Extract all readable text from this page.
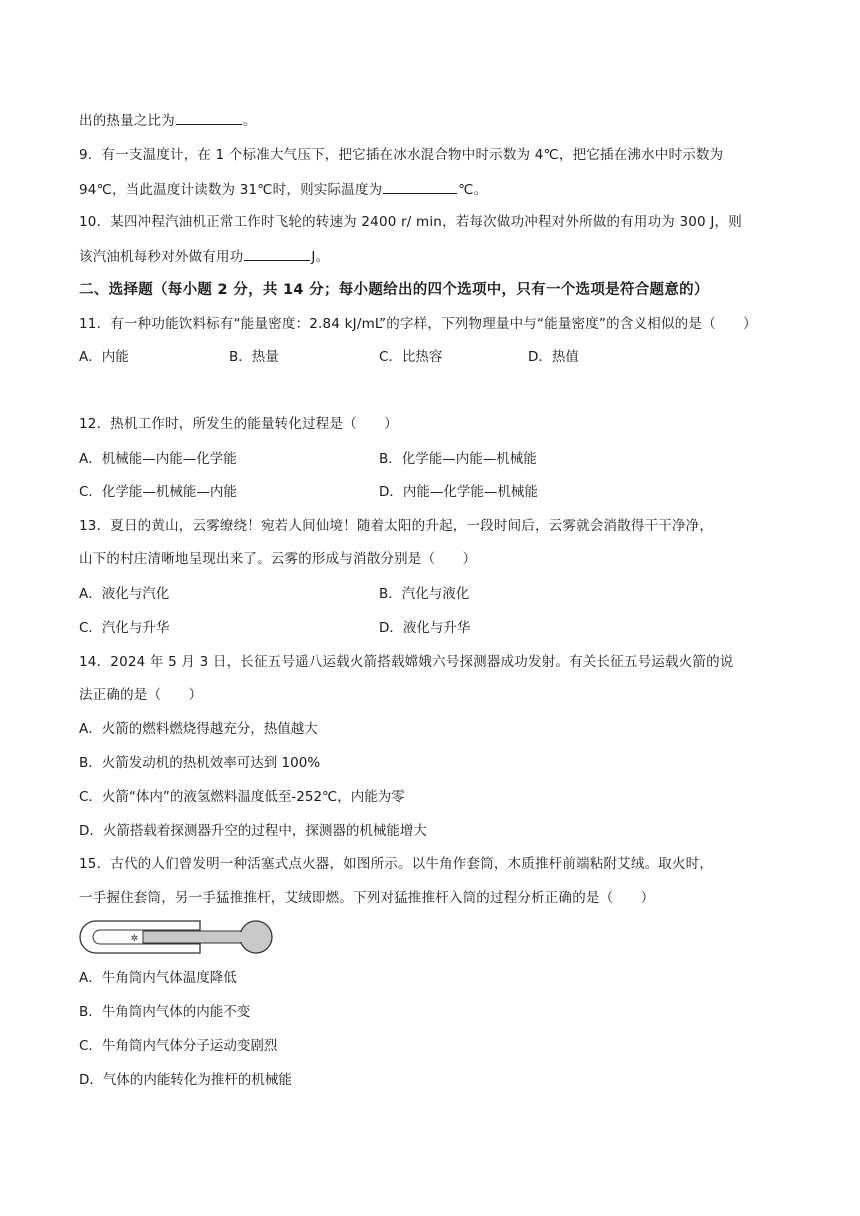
出的热量之比为	。
9．有一支温度计，在 1 个标准大气压下，把它插在冰水混合物中时示数为 4℃，把它插在沸水中时示数为
94℃，当此温度计读数为 31℃时，则实际温度为	℃。
10．某四冲程汽油机正常工作时飞轮的转速为 2400 r/ min，若每次做功冲程对外所做的有用功为 300 J，则
该汽油机每秒对外做有用功	J。
二、选择题（每小题 2 分，共 14 分；每小题给出的四个选项中，只有一个选项是符合题意的）
11．有一种功能饮料标有“能量密度：2.84 kJ/mL”的字样，下列物理量中与“能量密度”的含义相似的是（　　）
A．内能	B．热量	C．比热容	D．热值
12．热机工作时，所发生的能量转化过程是（　　）
A．机械能—内能—化学能	B．化学能—内能—机械能
C．化学能—机械能—内能	D．内能—化学能—机械能
13．夏日的黄山，云雾缭绕！宛若人间仙境！随着太阳的升起，一段时间后，云雾就会消散得干干净净，
山下的村庄清晰地呈现出来了。云雾的形成与消散分别是（　　）
A．液化与汽化	B．汽化与液化
C．汽化与升华	D．液化与升华
14．2024 年 5 月 3 日，长征五号遥八运载火箭搭载嫦娥六号探测器成功发射。有关长征五号运载火箭的说
法正确的是（　　）
A．火箭的燃料燃烧得越充分，热值越大
B．火箭发动机的热机效率可达到 100%
C．火箭“体内”的液氢燃料温度低至-252℃，内能为零
D．火箭搭载着探测器升空的过程中，探测器的机械能增大
15．古代的人们曾发明一种活塞式点火器，如图所示。以牛角作套筒，木质推杆前端粘附艾绒。取火时，
一手握住套筒，另一手猛推推杆，艾绒即燃。下列对猛推推杆入筒的过程分析正确的是（　　）
✲
A．牛角筒内气体温度降低
B．牛角筒内气体的内能不变
C．牛角筒内气体分子运动变剧烈
D．气体的内能转化为推杆的机械能
